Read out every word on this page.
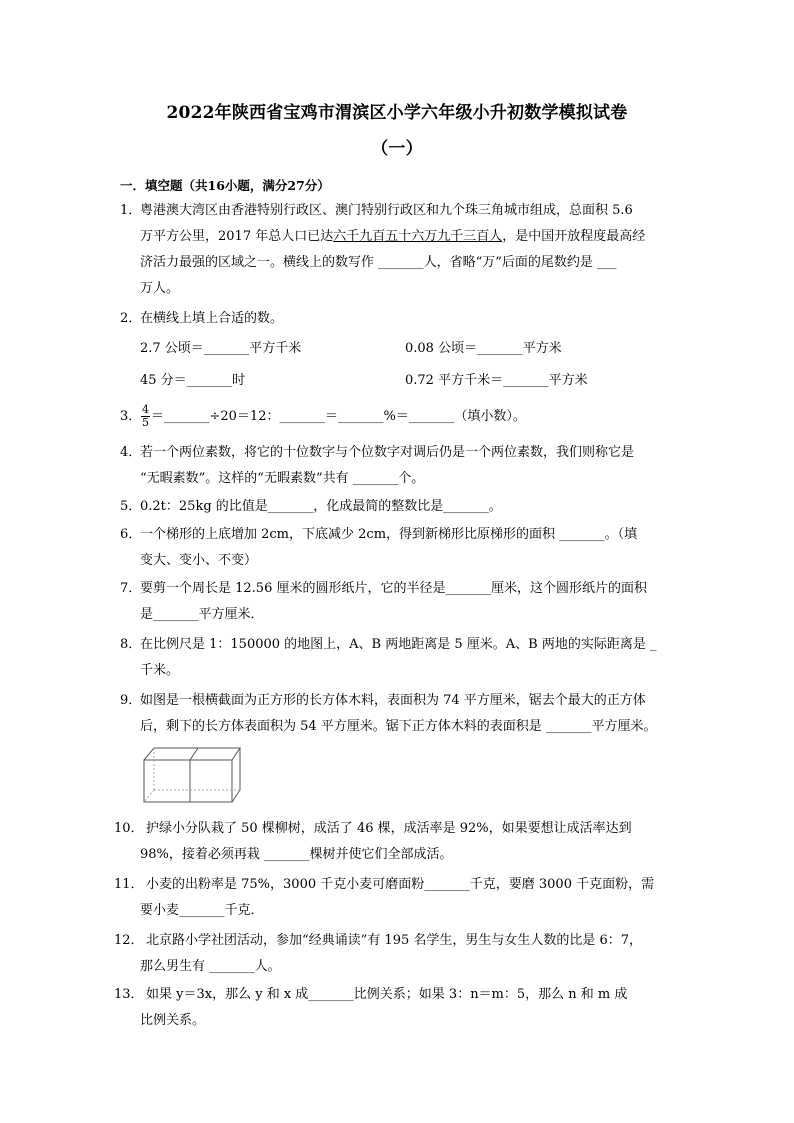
2022年陕西省宝鸡市渭滨区小学六年级小升初数学模拟试卷
（一）
一．填空题（共16小题，满分27分）
1．
粤港澳大湾区由香港特别行政区、澳门特别行政区和九个珠三角城市组成，总面积 5.6
万平方公里，2017 年总人口已达六千九百五十六万九千三百人，是中国开放程度最高经
济活力最强的区域之一。横线上的数写作 _______人，省略“万”后面的尾数约是 ___
万人。
2．
在横线上填上合适的数。
2.7 公顷＝_______平方千米	0.08 公顷＝_______平方米
45 分＝_______时	0.72 平方千米＝_______平方米
3． $\frac{4}{5}$ ＝_______÷20＝12：_______＝_______%＝_______（填小数）。
4．
若一个两位素数，将它的十位数字与个位数字对调后仍是一个两位素数，我们则称它是
“无暇素数”。这样的“无暇素数”共有 _______个。
5．
0.2t：25kg 的比值是_______，化成最简的整数比是_______。
6．
一个梯形的上底增加 2cm，下底减少 2cm，得到新梯形比原梯形的面积 _______。（填
变大、变小、不变）
7．
要剪一个周长是 12.56 厘米的圆形纸片，它的半径是_______厘米，这个圆形纸片的面积
是_______平方厘米．
8．
在比例尺是 1：150000 的地图上，A、B 两地距离是 5 厘米。A、B 两地的实际距离是 _
千米。
9．
如图是一根横截面为正方形的长方体木料，表面积为 74 平方厘米，锯去个最大的正方体
后，剩下的长方体表面积为 54 平方厘米。锯下正方体木料的表面积是 _______平方厘米。
10． 护绿小分队栽了 50 棵柳树，成活了 46 棵，成活率是 92%，如果要想让成活率达到
98%，接着必须再栽 _______棵树并使它们全部成活。
11． 小麦的出粉率是 75%，3000 千克小麦可磨面粉_______千克，要磨 3000 千克面粉，需
要小麦_______千克．
12． 北京路小学社团活动，参加“经典诵读”有 195 名学生，男生与女生人数的比是 6：7，
那么男生有 _______人。
13． 如果 y＝3x，那么 y 和 x 成_______比例关系；如果 3：n＝m：5，那么 n 和 m 成
比例关系。
